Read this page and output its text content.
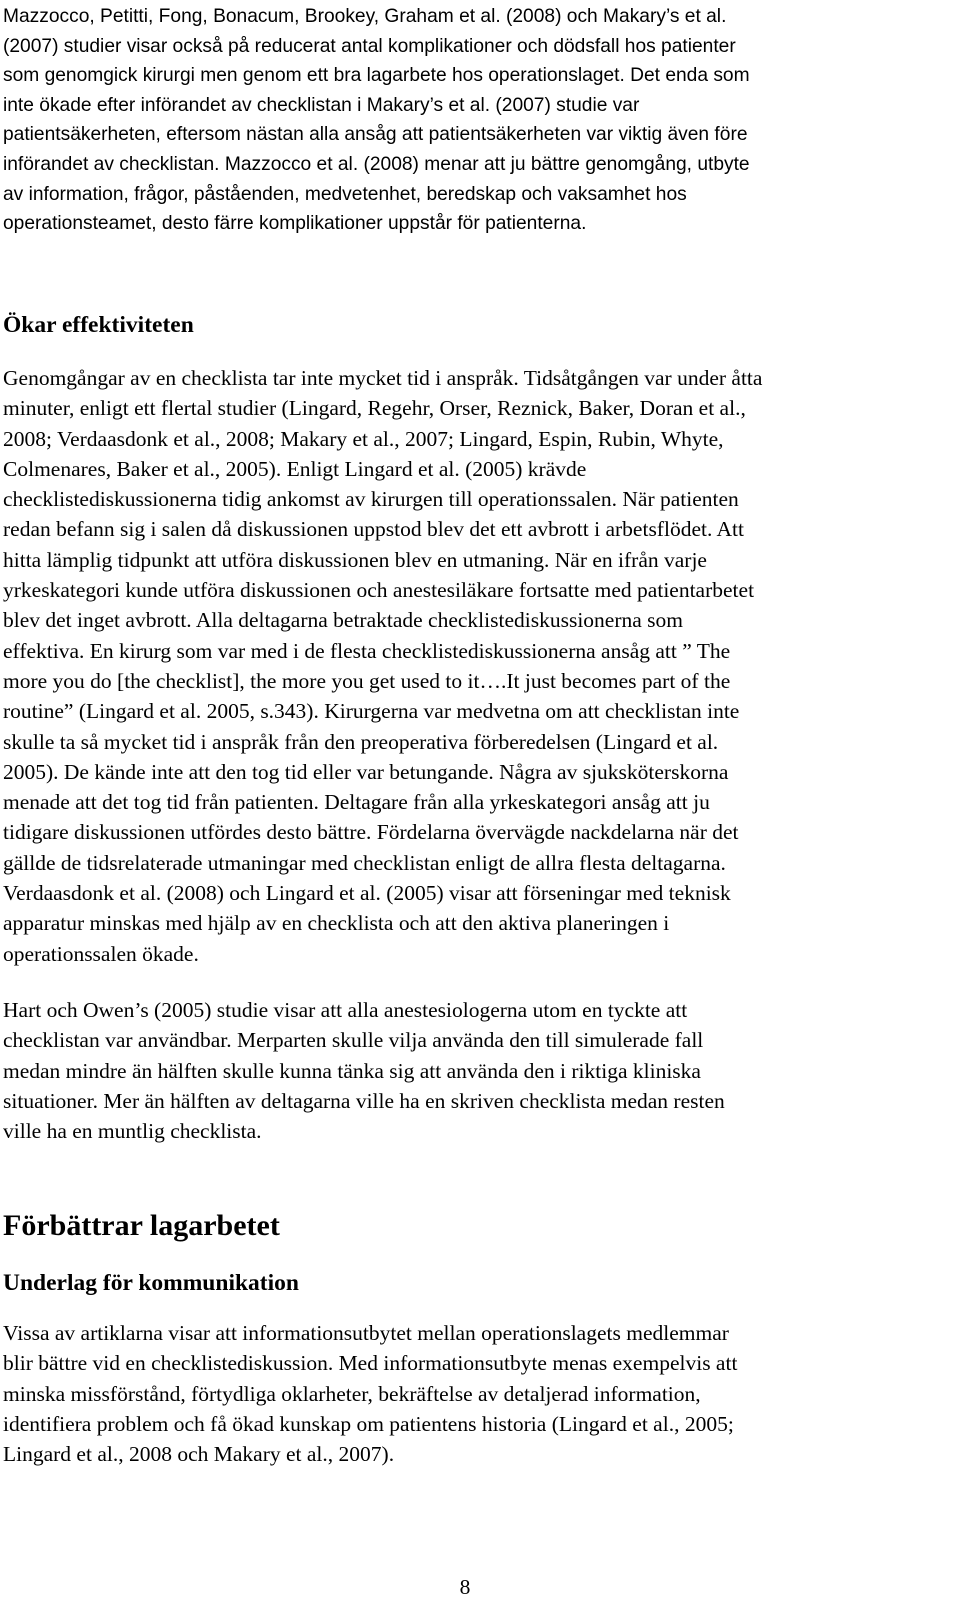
Mazzocco, Petitti, Fong, Bonacum, Brookey, Graham et al. (2008) och Makary’s et al.
(2007) studier visar också på reducerat antal komplikationer och dödsfall hos patienter
som genomgick kirurgi men genom ett bra lagarbete hos operationslaget. Det enda som
inte ökade efter införandet av checklistan i Makary’s et al. (2007) studie var
patientsäkerheten, eftersom nästan alla ansåg att patientsäkerheten var viktig även före
införandet av checklistan. Mazzocco et al. (2008) menar att ju bättre genomgång, utbyte
av information, frågor, påståenden, medvetenhet, beredskap och vaksamhet hos
operationsteamet, desto färre komplikationer uppstår för patienterna.
Ökar effektiviteten
Genomgångar av en checklista tar inte mycket tid i anspråk. Tidsåtgången var under åtta
minuter, enligt ett flertal studier (Lingard, Regehr, Orser, Reznick, Baker, Doran et al.,
2008; Verdaasdonk et al., 2008; Makary et al., 2007; Lingard, Espin, Rubin, Whyte,
Colmenares, Baker et al., 2005). Enligt Lingard et al. (2005) krävde
checklistediskussionerna tidig ankomst av kirurgen till operationssalen. När patienten
redan befann sig i salen då diskussionen uppstod blev det ett avbrott i arbetsflödet. Att
hitta lämplig tidpunkt att utföra diskussionen blev en utmaning. När en ifrån varje
yrkeskategori kunde utföra diskussionen och anestesiläkare fortsatte med patientarbetet
blev det inget avbrott. Alla deltagarna betraktade checklistediskussionerna som
effektiva. En kirurg som var med i de flesta checklistediskussionerna ansåg att ” The
more you do [the checklist], the more you get used to it….It just becomes part of the
routine” (Lingard et al. 2005, s.343). Kirurgerna var medvetna om att checklistan inte
skulle ta så mycket tid i anspråk från den preoperativa förberedelsen (Lingard et al.
2005). De kände inte att den tog tid eller var betungande. Några av sjuksköterskorna
menade att det tog tid från patienten. Deltagare från alla yrkeskategori ansåg att ju
tidigare diskussionen utfördes desto bättre. Fördelarna övervägde nackdelarna när det
gällde de tidsrelaterade utmaningar med checklistan enligt de allra flesta deltagarna.
Verdaasdonk et al. (2008) och Lingard et al. (2005) visar att förseningar med teknisk
apparatur minskas med hjälp av en checklista och att den aktiva planeringen i
operationssalen ökade.
Hart och Owen’s (2005) studie visar att alla anestesiologerna utom en tyckte att
checklistan var användbar. Merparten skulle vilja använda den till simulerade fall
medan mindre än hälften skulle kunna tänka sig att använda den i riktiga kliniska
situationer. Mer än hälften av deltagarna ville ha en skriven checklista medan resten
ville ha en muntlig checklista.
Förbättrar lagarbetet
Underlag för kommunikation
Vissa av artiklarna visar att informationsutbytet mellan operationslagets medlemmar
blir bättre vid en checklistediskussion. Med informationsutbyte menas exempelvis att
minska missförstånd, förtydliga oklarheter, bekräftelse av detaljerad information,
identifiera problem och få ökad kunskap om patientens historia (Lingard et al., 2005;
Lingard et al., 2008 och Makary et al., 2007).
8
